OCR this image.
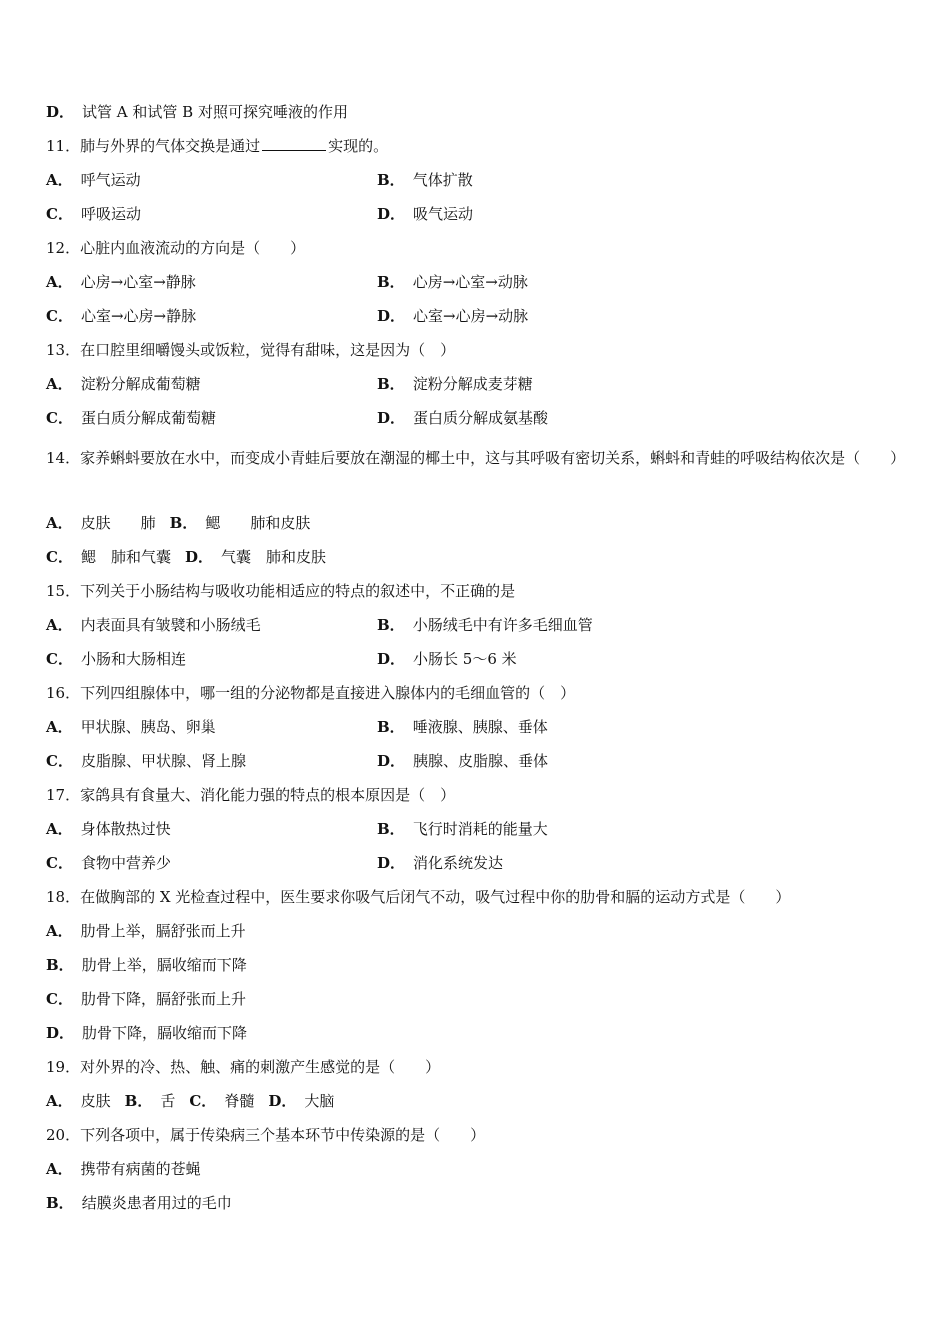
D． 试管 A 和试管 B 对照可探究唾液的作用
11．肺与外界的气体交换是通过	实现的。
A． 呼气运动	B． 气体扩散
C． 呼吸运动	D． 吸气运动
12．心脏内血液流动的方向是（　　）
A． 心房→心室→静脉	B． 心房→心室→动脉
C． 心室→心房→静脉	D． 心室→心房→动脉
13．在口腔里细嚼馒头或饭粒，觉得有甜味，这是因为（　）
A． 淀粉分解成葡萄糖	B． 淀粉分解成麦芽糖
C． 蛋白质分解成葡萄糖	D． 蛋白质分解成氨基酸
14．家养蝌蚪要放在水中，而变成小青蛙后要放在潮湿的椰土中，这与其呼吸有密切关系，蝌蚪和青蛙的呼吸结构依次是（　　）
A． 皮肤　　肺 B． 鳃　　肺和皮肤
C． 鳃　肺和气囊 D． 气囊　肺和皮肤
15．下列关于小肠结构与吸收功能相适应的特点的叙述中，不正确的是
A． 内表面具有皱襞和小肠绒毛	B． 小肠绒毛中有许多毛细血管
C． 小肠和大肠相连	D． 小肠长 5～6 米
16．下列四组腺体中，哪一组的分泌物都是直接进入腺体内的毛细血管的（　）
A． 甲状腺、胰岛、卵巢	B． 唾液腺、胰腺、垂体
C． 皮脂腺、甲状腺、肾上腺	D． 胰腺、皮脂腺、垂体
17．家鸽具有食量大、消化能力强的特点的根本原因是（　）
A． 身体散热过快	B． 飞行时消耗的能量大
C． 食物中营养少	D． 消化系统发达
18．在做胸部的 X 光检查过程中，医生要求你吸气后闭气不动，吸气过程中你的肋骨和膈的运动方式是（　　）
A． 肋骨上举，膈舒张而上升
B． 肋骨上举，膈收缩而下降
C． 肋骨下降，膈舒张而上升
D． 肋骨下降，膈收缩而下降
19．对外界的冷、热、触、痛的刺激产生感觉的是（　　）
A． 皮肤 B． 舌 C． 脊髓 D． 大脑
20．下列各项中，属于传染病三个基本环节中传染源的是（　　）
A． 携带有病菌的苍蝇
B． 结膜炎患者用过的毛巾
